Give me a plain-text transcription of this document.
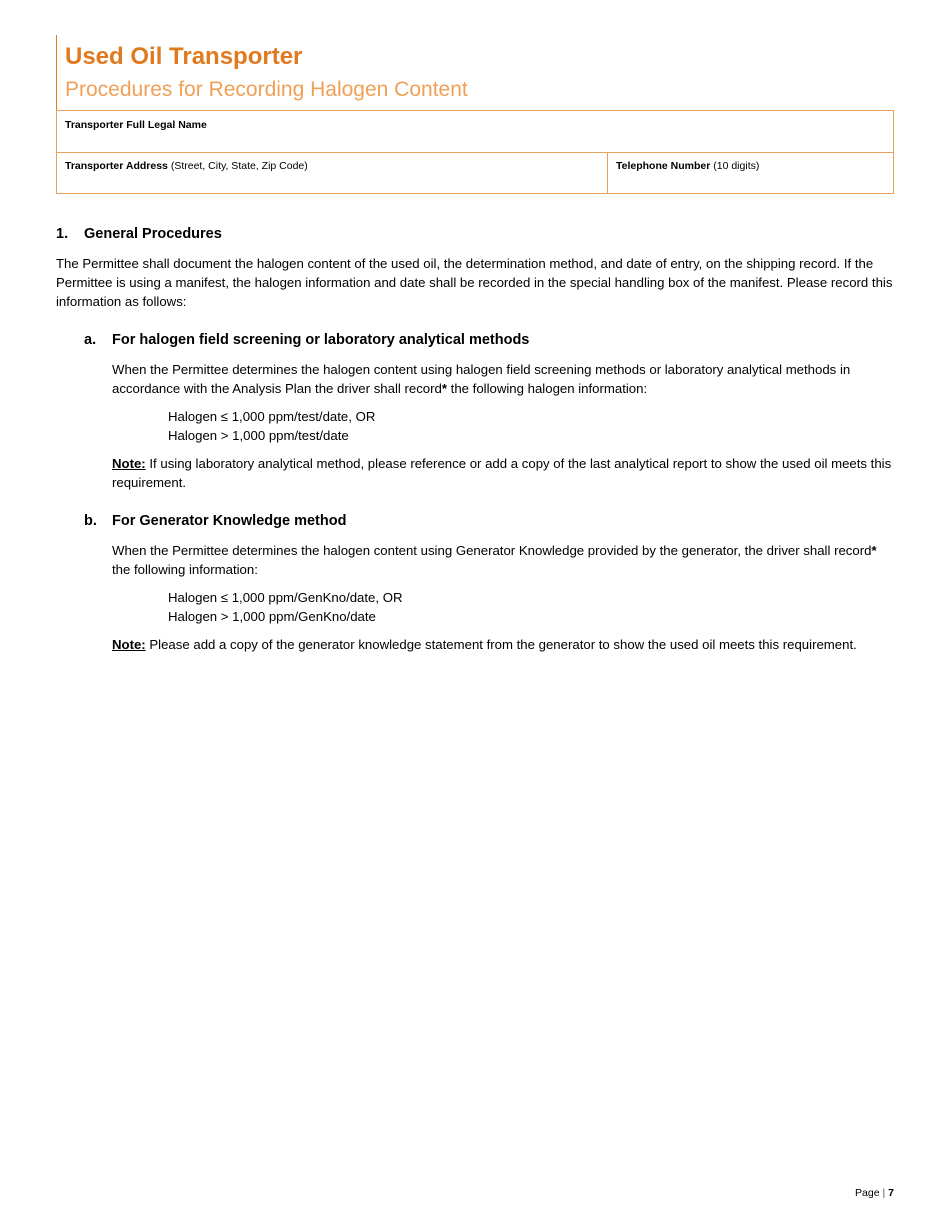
Used Oil Transporter
Procedures for Recording Halogen Content
Transporter Full Legal Name
Transporter Address (Street, City, State, Zip Code)	Telephone Number (10 digits)
1. General Procedures
The Permittee shall document the halogen content of the used oil, the determination method, and date of entry, on the shipping record. If the Permittee is using a manifest, the halogen information and date shall be recorded in the special handling box of the manifest. Please record this information as follows:
a. For halogen field screening or laboratory analytical methods
When the Permittee determines the halogen content using halogen field screening methods or laboratory analytical methods in accordance with the Analysis Plan the driver shall record* the following halogen information:
Halogen ≤ 1,000 ppm/test/date, OR
Halogen > 1,000 ppm/test/date
Note: If using laboratory analytical method, please reference or add a copy of the last analytical report to show the used oil meets this requirement.
b. For Generator Knowledge method
When the Permittee determines the halogen content using Generator Knowledge provided by the generator, the driver shall record* the following information:
Halogen ≤ 1,000 ppm/GenKno/date, OR
Halogen > 1,000 ppm/GenKno/date
Note: Please add a copy of the generator knowledge statement from the generator to show the used oil meets this requirement.
Page | 7
